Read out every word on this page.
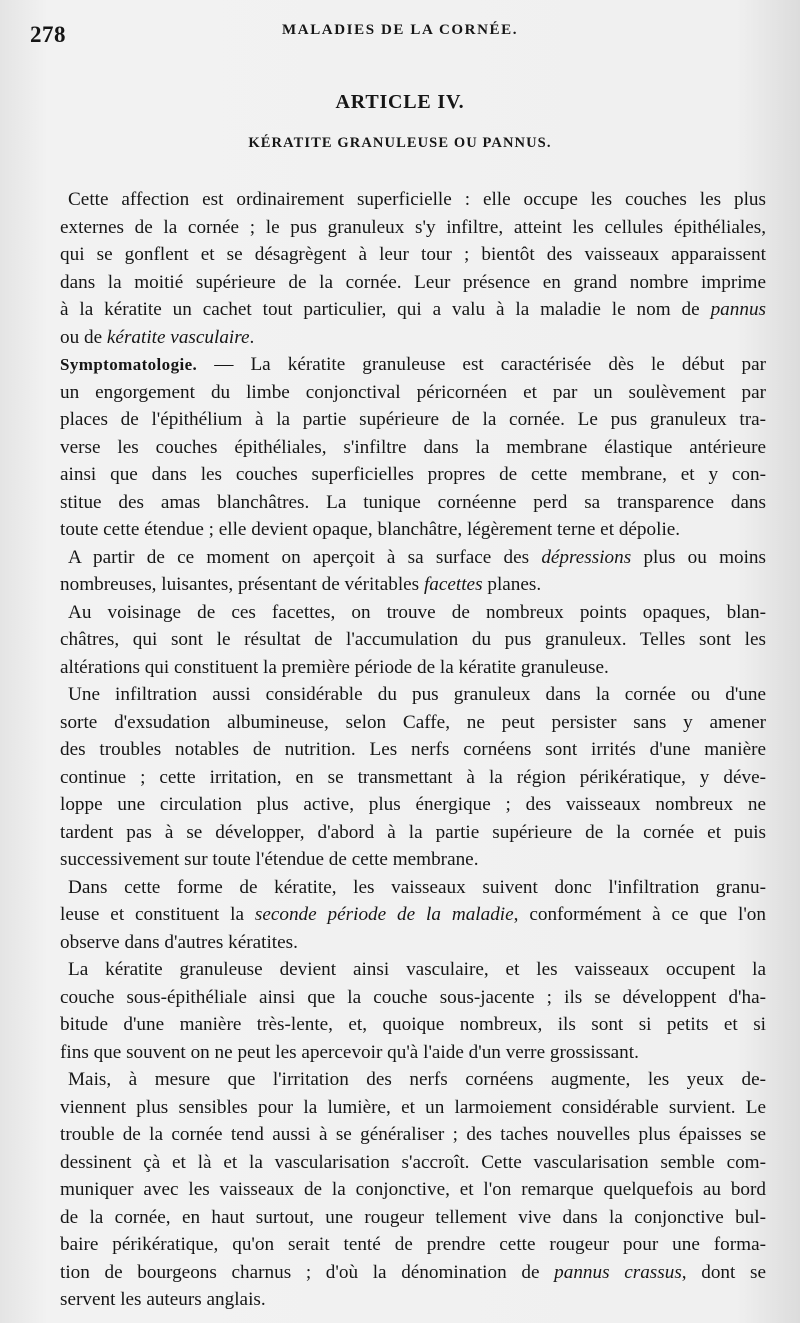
278	MALADIES DE LA CORNÉE.
ARTICLE IV.
KÉRATITE GRANULEUSE OU PANNUS.
Cette affection est ordinairement superficielle : elle occupe les couches les plus
externes de la cornée ; le pus granuleux s'y infiltre, atteint les cellules épithéliales,
qui se gonflent et se désagrègent à leur tour ; bientôt des vaisseaux apparaissent
dans la moitié supérieure de la cornée. Leur présence en grand nombre imprime
à la kératite un cachet tout particulier, qui a valu à la maladie le nom de pannus
ou de kératite vasculaire.
Symptomatologie. — La kératite granuleuse est caractérisée dès le début par
un engorgement du limbe conjonctival péricornéen et par un soulèvement par
places de l'épithélium à la partie supérieure de la cornée. Le pus granuleux tra-
verse les couches épithéliales, s'infiltre dans la membrane élastique antérieure
ainsi que dans les couches superficielles propres de cette membrane, et y con-
stitue des amas blanchâtres. La tunique cornéenne perd sa transparence dans
toute cette étendue ; elle devient opaque, blanchâtre, légèrement terne et dépolie.
A partir de ce moment on aperçoit à sa surface des dépressions plus ou moins
nombreuses, luisantes, présentant de véritables facettes planes.
Au voisinage de ces facettes, on trouve de nombreux points opaques, blan-
châtres, qui sont le résultat de l'accumulation du pus granuleux. Telles sont les
altérations qui constituent la première période de la kératite granuleuse.
Une infiltration aussi considérable du pus granuleux dans la cornée ou d'une
sorte d'exsudation albumineuse, selon Caffe, ne peut persister sans y amener
des troubles notables de nutrition. Les nerfs cornéens sont irrités d'une manière
continue ; cette irritation, en se transmettant à la région périkératique, y déve-
loppe une circulation plus active, plus énergique ; des vaisseaux nombreux ne
tardent pas à se développer, d'abord à la partie supérieure de la cornée et puis
successivement sur toute l'étendue de cette membrane.
Dans cette forme de kératite, les vaisseaux suivent donc l'infiltration granu-
leuse et constituent la seconde période de la maladie, conformément à ce que l'on
observe dans d'autres kératites.
La kératite granuleuse devient ainsi vasculaire, et les vaisseaux occupent la
couche sous-épithéliale ainsi que la couche sous-jacente ; ils se développent d'ha-
bitude d'une manière très-lente, et, quoique nombreux, ils sont si petits et si
fins que souvent on ne peut les apercevoir qu'à l'aide d'un verre grossissant.
Mais, à mesure que l'irritation des nerfs cornéens augmente, les yeux de-
viennent plus sensibles pour la lumière, et un larmoiement considérable survient. Le
trouble de la cornée tend aussi à se généraliser ; des taches nouvelles plus épaisses se
dessinent çà et là et la vascularisation s'accroît. Cette vascularisation semble com-
muniquer avec les vaisseaux de la conjonctive, et l'on remarque quelquefois au bord
de la cornée, en haut surtout, une rougeur tellement vive dans la conjonctive bul-
baire périkératique, qu'on serait tenté de prendre cette rougeur pour une forma-
tion de bourgeons charnus ; d'où la dénomination de pannus crassus, dont se
servent les auteurs anglais.
